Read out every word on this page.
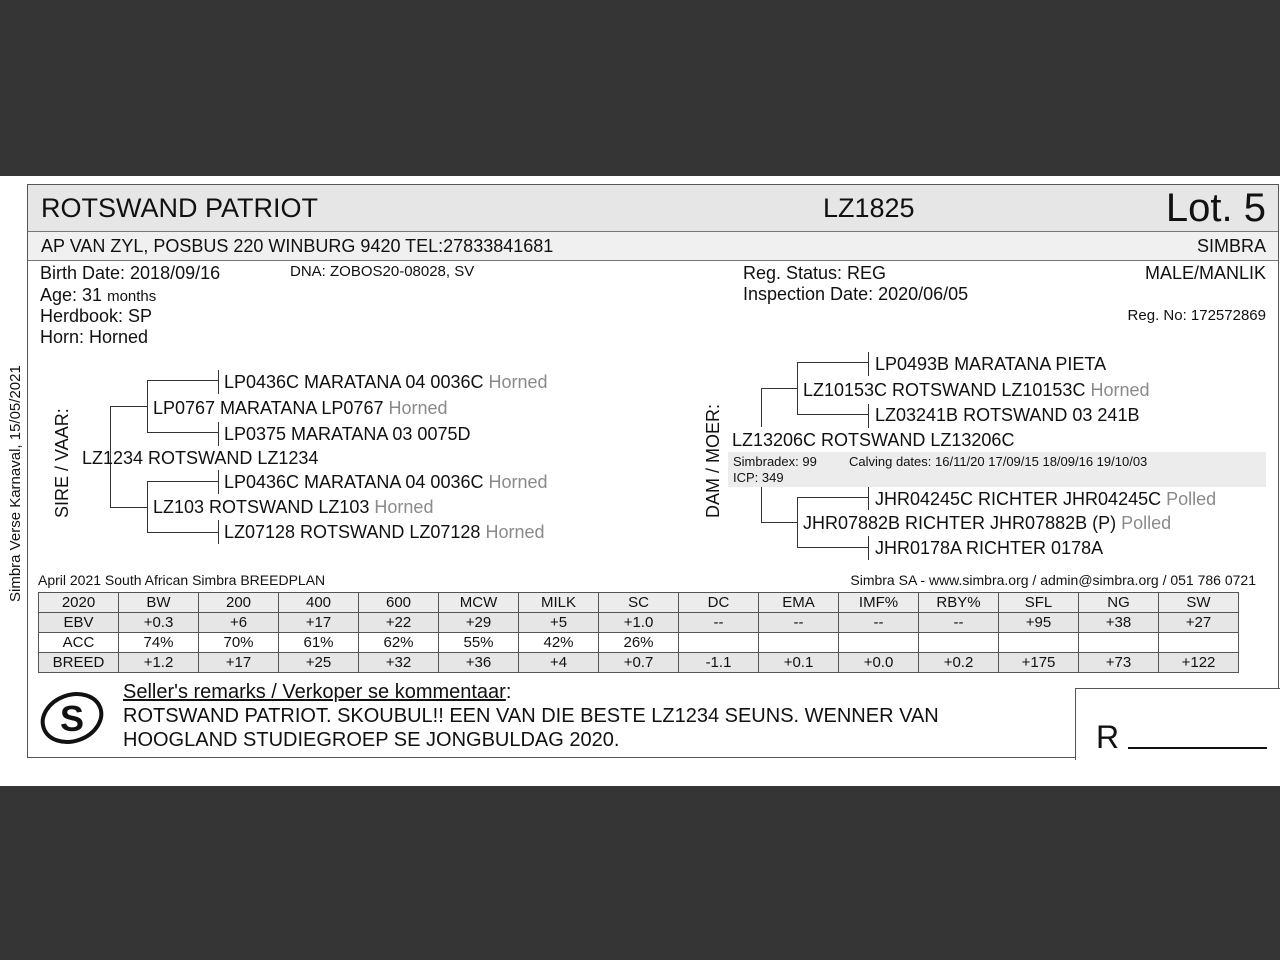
Simbra Verse Karnaval, 15/05/2021
ROTSWAND PATRIOT	LZ1825	Lot. 5
AP VAN ZYL, POSBUS 220 WINBURG 9420 TEL:27833841681	SIMBRA
Birth Date: 2018/09/16	DNA: ZOBOS20-08028, SV
Age: 31 months
Herdbook: SP
Horn: Horned
Reg. Status: REG
Inspection Date: 2020/06/05
MALE/MANLIK
Reg. No: 172572869
SIRE / VAAR:
LP0436C MARATANA 04 0036C Horned
LP0767 MARATANA LP0767 Horned
LP0375 MARATANA 03 0075D
LZ1234 ROTSWAND LZ1234
LP0436C MARATANA 04 0036C Horned
LZ103 ROTSWAND LZ103 Horned
LZ07128 ROTSWAND LZ07128 Horned
DAM / MOER:
LP0493B MARATANA PIETA
LZ10153C ROTSWAND LZ10153C Horned
LZ03241B ROTSWAND 03 241B
LZ13206C ROTSWAND LZ13206C
Simbradex: 99 Calving dates: 16/11/20 17/09/15 18/09/16 19/10/03
ICP: 349
JHR04245C RICHTER JHR04245C Polled
JHR07882B RICHTER JHR07882B (P) Polled
JHR0178A RICHTER 0178A
April 2021 South African Simbra BREEDPLAN	Simbra SA - www.simbra.org / admin@simbra.org / 051 786 0721
2020	BW	200	400	600	MCW	MILK	SC	DC	EMA	IMF%	RBY%	SFL	NG	SW
EBV	+0.3	+6	+17	+22	+29	+5	+1.0	--	--	--	--	+95	+38	+27
ACC	74%	70%	61%	62%	55%	42%	26%							
BREED	+1.2	+17	+25	+32	+36	+4	+0.7	-1.1	+0.1	+0.0	+0.2	+175	+73	+122
S
Seller's remarks / Verkoper se kommentaar:
ROTSWAND PATRIOT. SKOUBUL!! EEN VAN DIE BESTE LZ1234 SEUNS. WENNER VAN
HOOGLAND STUDIEGROEP SE JONGBULDAG 2020.	R
